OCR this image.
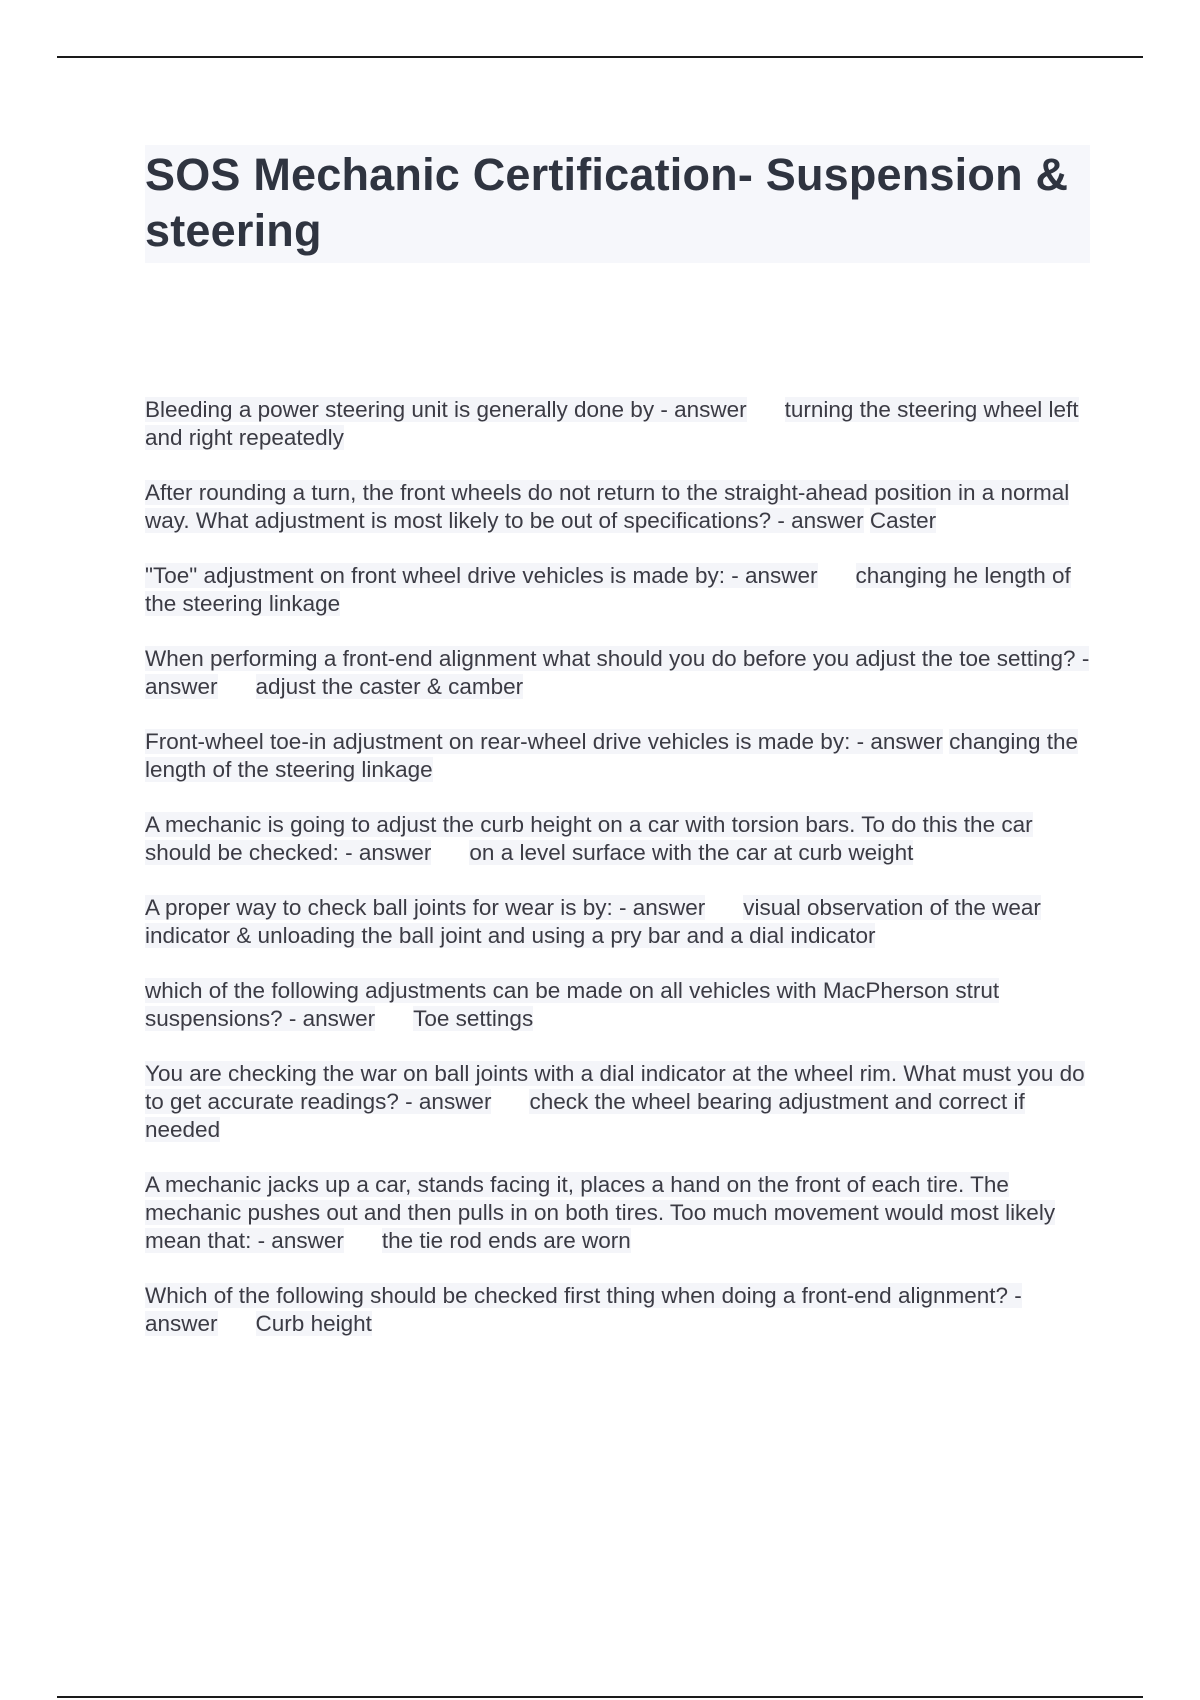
SOS Mechanic Certification- Suspension & steering

Bleeding a power steering unit is generally done by - answer turning the steering wheel left and right repeatedly

After rounding a turn, the front wheels do not return to the straight-ahead position in a normal way. What adjustment is most likely to be out of specifications? - answer Caster

"Toe" adjustment on front wheel drive vehicles is made by: - answer changing he length of the steering linkage

When performing a front-end alignment what should you do before you adjust the toe setting? - answer adjust the caster & camber

Front-wheel toe-in adjustment on rear-wheel drive vehicles is made by: - answer changing the length of the steering linkage

A mechanic is going to adjust the curb height on a car with torsion bars. To do this the car should be checked: - answer on a level surface with the car at curb weight

A proper way to check ball joints for wear is by: - answer visual observation of the wear indicator & unloading the ball joint and using a pry bar and a dial indicator

which of the following adjustments can be made on all vehicles with MacPherson strut suspensions? - answer Toe settings

You are checking the war on ball joints with a dial indicator at the wheel rim. What must you do to get accurate readings? - answer check the wheel bearing adjustment and correct if needed

A mechanic jacks up a car, stands facing it, places a hand on the front of each tire. The mechanic pushes out and then pulls in on both tires. Too much movement would most likely mean that: - answer the tie rod ends are worn

Which of the following should be checked first thing when doing a front-end alignment? - answer Curb height
